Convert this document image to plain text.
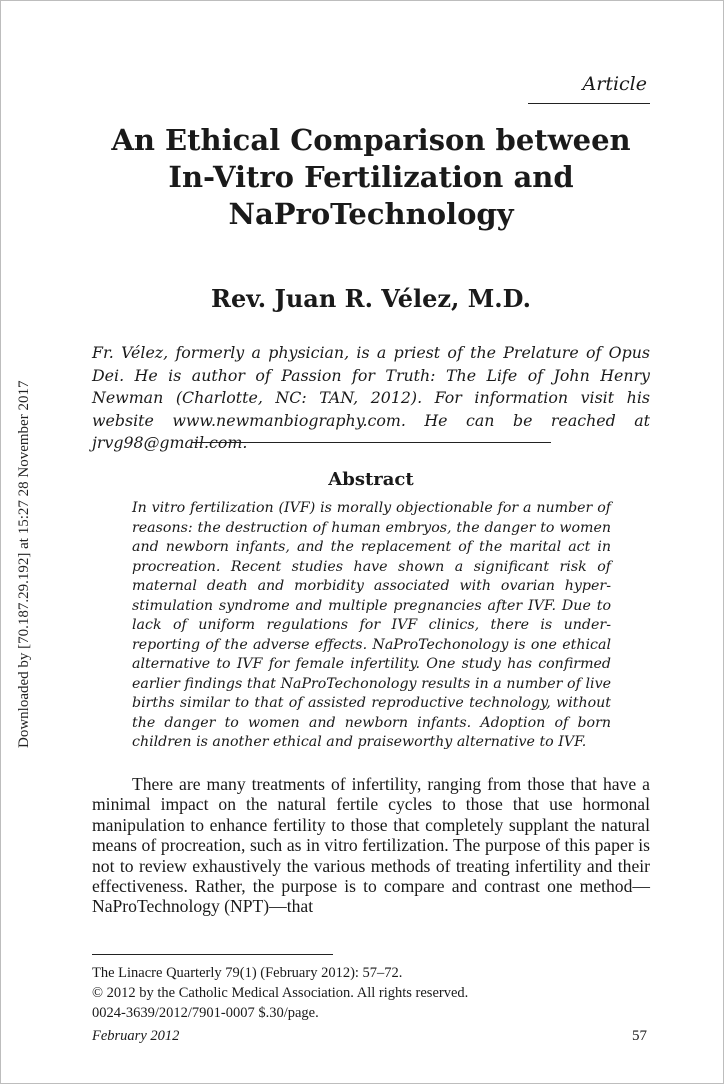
Downloaded by [70.187.29.192] at 15:27 28 November 2017
Article
An Ethical Comparison between
In-Vitro Fertilization and
NaProTechnology
Rev. Juan R. Vélez, M.D.
Fr. Vélez, formerly a physician, is a priest of the Prelature of Opus Dei. He is author of Passion for Truth: The Life of John Henry Newman (Charlotte, NC: TAN, 2012). For information visit his website www.newmanbiography.com. He can be reached at jrvg98@gmail.com.
Abstract
In vitro fertilization (IVF) is morally objectionable for a number of reasons: the destruction of human embryos, the danger to women and newborn infants, and the replacement of the marital act in procreation. Recent studies have shown a significant risk of maternal death and morbidity associated with ovarian hyper-stimulation syndrome and multiple pregnancies after IVF. Due to lack of uniform regulations for IVF clinics, there is under-reporting of the adverse effects. NaProTechonology is one ethical alternative to IVF for female infertility. One study has confirmed earlier findings that NaProTechonology results in a number of live births similar to that of assisted reproductive technology, without the danger to women and newborn infants. Adoption of born children is another ethical and praiseworthy alternative to IVF.
There are many treatments of infertility, ranging from those that have a minimal impact on the natural fertile cycles to those that use hormonal manipulation to enhance fertility to those that completely supplant the natural means of procreation, such as in vitro fertilization. The purpose of this paper is not to review exhaustively the various methods of treating infertility and their effectiveness. Rather, the purpose is to compare and contrast one method—NaProTechnology (NPT)—that
The Linacre Quarterly 79(1) (February 2012): 57–72.
© 2012 by the Catholic Medical Association. All rights reserved.
0024-3639/2012/7901-0007 $.30/page.
February 2012	57
